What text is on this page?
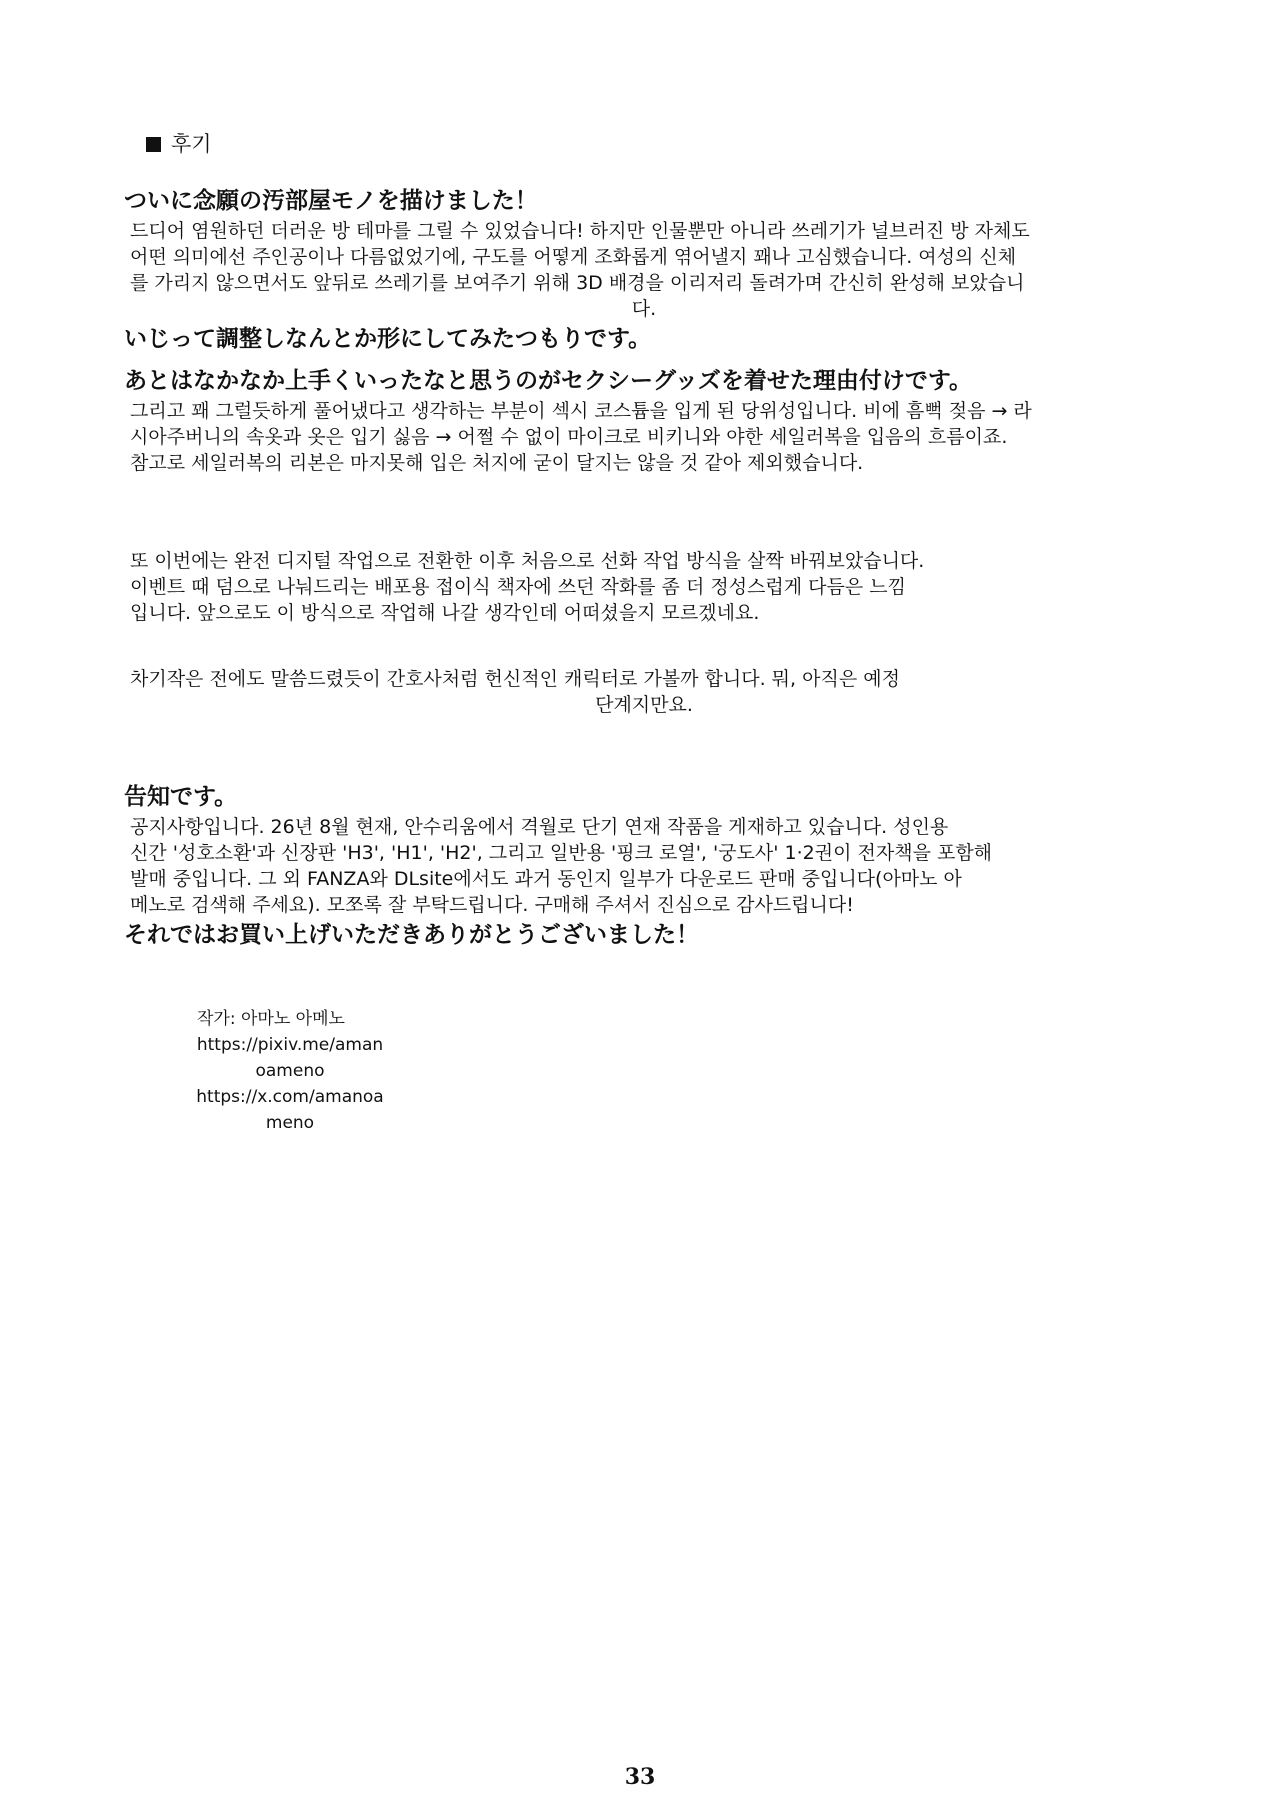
후기

ついに念願の汚部屋モノを描けました！

드디어 염원하던 더러운 방 테마를 그릴 수 있었습니다! 하지만 인물뿐만 아니라 쓰레기가 널브러진 방 자체도

어떤 의미에선 주인공이나 다름없었기에, 구도를 어떻게 조화롭게 엮어낼지 꽤나 고심했습니다. 여성의 신체

를 가리지 않으면서도 앞뒤로 쓰레기를 보여주기 위해 3D 배경을 이리저리 돌려가며 간신히 완성해 보았습니

다.

いじって調整しなんとか形にしてみたつもりです。

あとはなかなか上手くいったなと思うのがセクシーグッズを着せた理由付けです。

그리고 꽤 그럴듯하게 풀어냈다고 생각하는 부분이 섹시 코스튬을 입게 된 당위성입니다. 비에 흠뻑 젖음 → 라

시아주버니의 속옷과 옷은 입기 싫음 → 어쩔 수 없이 마이크로 비키니와 야한 세일러복을 입음의 흐름이죠.

참고로 세일러복의 리본은 마지못해 입은 처지에 굳이 달지는 않을 것 같아 제외했습니다.

또 이번에는 완전 디지털 작업으로 전환한 이후 처음으로 선화 작업 방식을 살짝 바꿔보았습니다.

이벤트 때 덤으로 나눠드리는 배포용 접이식 책자에 쓰던 작화를 좀 더 정성스럽게 다듬은 느낌

입니다. 앞으로도 이 방식으로 작업해 나갈 생각인데 어떠셨을지 모르겠네요.

차기작은 전에도 말씀드렸듯이 간호사처럼 헌신적인 캐릭터로 가볼까 합니다. 뭐, 아직은 예정

단계지만요.

告知です。

공지사항입니다. 26년 8월 현재, 안수리움에서 격월로 단기 연재 작품을 게재하고 있습니다. 성인용

신간 '성호소환'과 신장판 'H3', 'H1', 'H2', 그리고 일반용 '핑크 로열', '궁도사' 1·2권이 전자책을 포함해

발매 중입니다. 그 외 FANZA와 DLsite에서도 과거 동인지 일부가 다운로드 판매 중입니다(아마노 아

메노로 검색해 주세요). 모쪼록 잘 부탁드립니다. 구매해 주셔서 진심으로 감사드립니다!

それではお買い上げいただきありがとうございました！

작가: 아마노 아메노
https://pixiv.me/amanoameno
https://x.com/amanoameno
33
